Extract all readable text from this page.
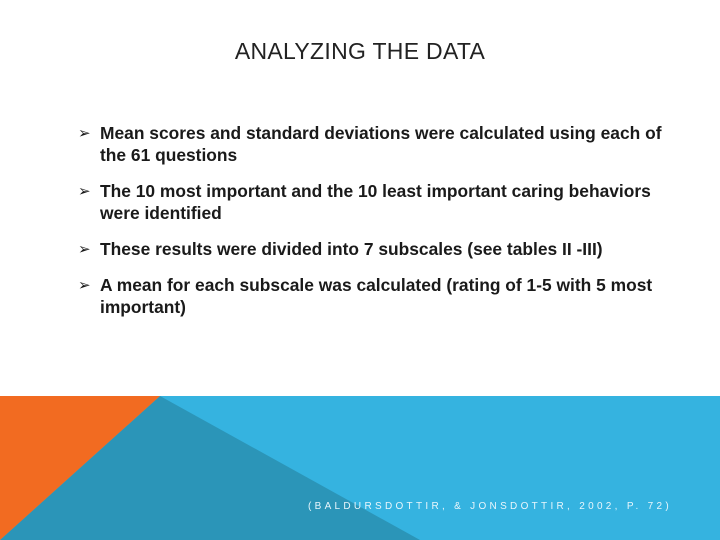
ANALYZING THE DATA
➢ Mean scores and standard deviations were calculated using each of the 61 questions
➢ The 10 most important and the 10 least important caring behaviors were identified
➢ These results were divided into 7 subscales (see tables II -III)
➢ A mean for each subscale was calculated (rating of 1-5 with 5 most important)
(BALDURSDOTTIR, & JONSDOTTIR, 2002, P. 72)
